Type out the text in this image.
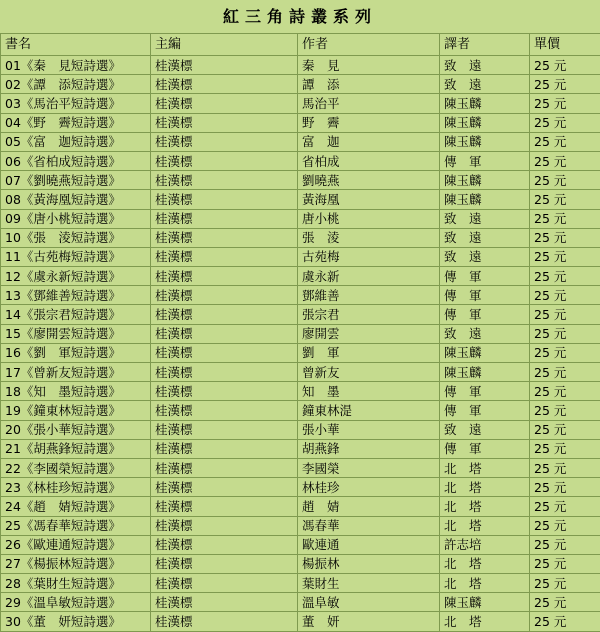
紅三角詩叢系列
書名	主編	作者	譯者	單價
01《秦　見短詩選》	桂漢標	秦　見	致　遠	25 元
02《譚　添短詩選》	桂漢標	譚　添	致　遠	25 元
03《馬治平短詩選》	桂漢標	馬治平	陳玉麟	25 元
04《野　霽短詩選》	桂漢標	野　霽	陳玉麟	25 元
05《富　迦短詩選》	桂漢標	富　迦	陳玉麟	25 元
06《省柏成短詩選》	桂漢標	省柏成	傳　軍	25 元
07《劉曉燕短詩選》	桂漢標	劉曉燕	陳玉麟	25 元
08《黃海凰短詩選》	桂漢標	黃海凰	陳玉麟	25 元
09《唐小桃短詩選》	桂漢標	唐小桃	致　遠	25 元
10《張　淩短詩選》	桂漢標	張　淩	致　遠	25 元
11《古苑梅短詩選》	桂漢標	古苑梅	致　遠	25 元
12《虞永新短詩選》	桂漢標	虞永新	傳　軍	25 元
13《鄧維善短詩選》	桂漢標	鄧維善	傳　軍	25 元
14《張宗君短詩選》	桂漢標	張宗君	傳　軍	25 元
15《廖開雲短詩選》	桂漢標	廖開雲	致　遠	25 元
16《劉　軍短詩選》	桂漢標	劉　軍	陳玉麟	25 元
17《曾新友短詩選》	桂漢標	曾新友	陳玉麟	25 元
18《知　墨短詩選》	桂漢標	知　墨	傳　軍	25 元
19《鐘東林短詩選》	桂漢標	鐘東林湜	傳　軍	25 元
20《張小華短詩選》	桂漢標	張小華	致　遠	25 元
21《胡燕鋒短詩選》	桂漢標	胡燕鋒	傳　軍	25 元
22《李國榮短詩選》	桂漢標	李國榮	北　塔	25 元
23《林桂珍短詩選》	桂漢標	林桂珍	北　塔	25 元
24《趙　婧短詩選》	桂漢標	趙　婧	北　塔	25 元
25《馮春華短詩選》	桂漢標	馮春華	北　塔	25 元
26《歐連通短詩選》	桂漢標	歐連通	許志培	25 元
27《楊振林短詩選》	桂漢標	楊振林	北　塔	25 元
28《葉財生短詩選》	桂漢標	葉財生	北　塔	25 元
29《溫阜敏短詩選》	桂漢標	溫阜敏	陳玉麟	25 元
30《董　妍短詩選》	桂漢標	董　妍	北　塔	25 元
